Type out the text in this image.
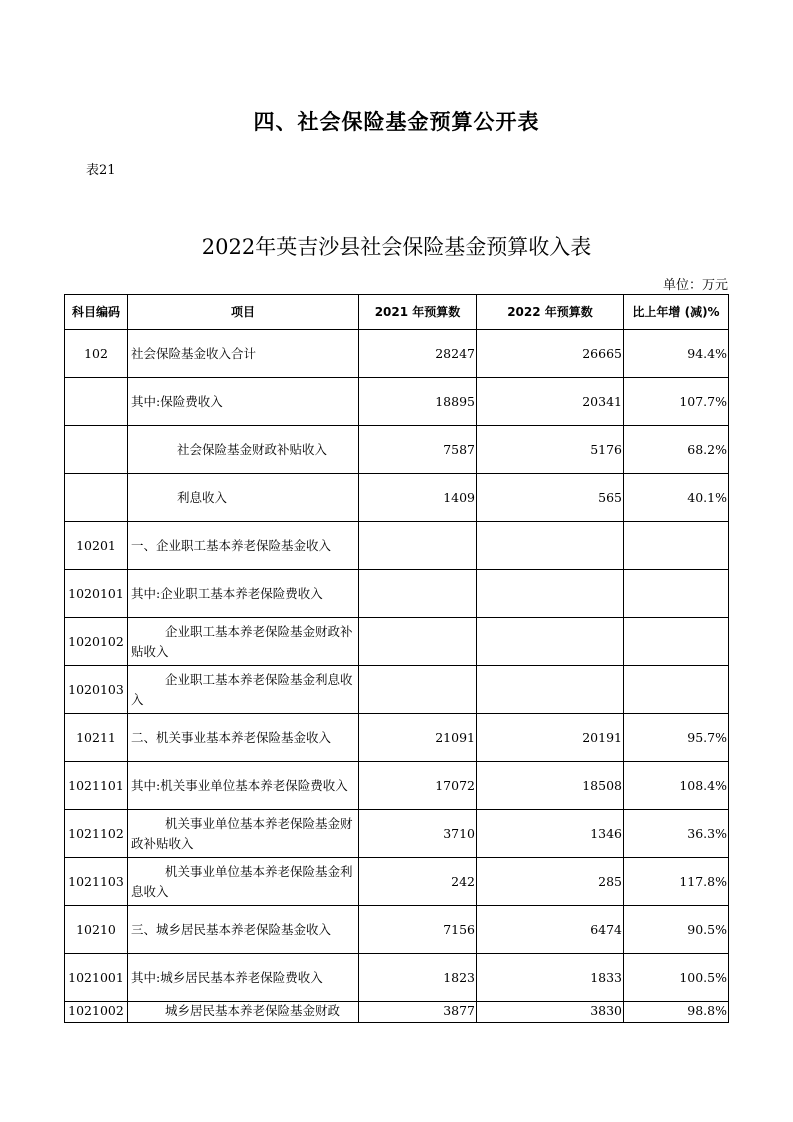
四、社会保险基金预算公开表
表21
2022年英吉沙县社会保险基金预算收入表
单位：万元
科目编码	项目	2021 年预算数	2022 年预算数	比上年增 (减)%
102	社会保险基金收入合计	28247	26665	94.4%
	其中:保险费收入	18895	20341	107.7%
	社会保险基金财政补贴收入	7587	5176	68.2%
	利息收入	1409	565	40.1%
10201	一、企业职工基本养老保险基金收入			
1020101	其中:企业职工基本养老保险费收入			
1020102	企业职工基本养老保险基金财政补贴收入			
1020103	企业职工基本养老保险基金利息收入			
10211	二、机关事业基本养老保险基金收入	21091	20191	95.7%
1021101	其中:机关事业单位基本养老保险费收入	17072	18508	108.4%
1021102	机关事业单位基本养老保险基金财政补贴收入	3710	1346	36.3%
1021103	机关事业单位基本养老保险基金利息收入	242	285	117.8%
10210	三、城乡居民基本养老保险基金收入	7156	6474	90.5%
1021001	其中:城乡居民基本养老保险费收入	1823	1833	100.5%
1021002	城乡居民基本养老保险基金财政	3877	3830	98.8%
